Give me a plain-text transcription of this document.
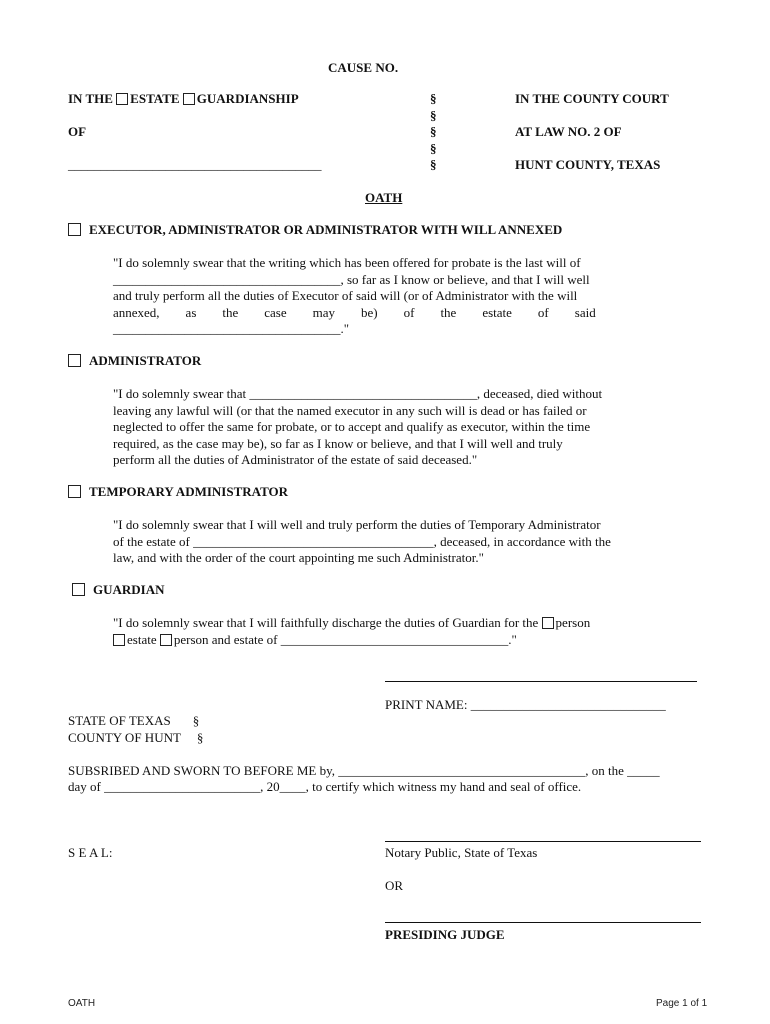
CAUSE NO.
IN THE ESTATE GUARDIANSHIP
OF
_______________________________________
§
§
§
§
§
IN THE COUNTY COURT
AT LAW NO. 2 OF
HUNT COUNTY, TEXAS
OATH
EXECUTOR, ADMINISTRATOR OR ADMINISTRATOR WITH WILL ANNEXED
"I do solemnly swear that the writing which has been offered for probate is the last will of
___________________________________, so far as I know or believe, and that I will well
and truly perform all the duties of Executor of said will (or of Administrator with the will
annexed,        as        the        case        may        be)        of        the        estate        of        said
___________________________________."
ADMINISTRATOR
"I do solemnly swear that ___________________________________, deceased, died without
leaving any lawful will (or that the named executor in any such will is dead or has failed or
neglected to offer the same for probate, or to accept and qualify as executor, within the time
required, as the case may be), so far as I know or believe, and that I will well and truly
perform all the duties of Administrator of the estate of said deceased."
TEMPORARY ADMINISTRATOR
"I do solemnly swear that I will well and truly perform the duties of Temporary Administrator
of the estate of _____________________________________, deceased, in accordance with the
law, and with the order of the court appointing me such Administrator."
GUARDIAN
"I do solemnly swear that I will faithfully discharge the duties of Guardian for the person
estate person and estate of ___________________________________."
PRINT NAME: ______________________________
STATE OF TEXAS §
COUNTY OF HUNT §
SUBSRIBED AND SWORN TO BEFORE ME by, ______________________________________, on the _____
day of ________________________, 20____, to certify which witness my hand and seal of office.
S E A L:	Notary Public, State of Texas
OR
PRESIDING JUDGE
OATH	Page 1 of 1
